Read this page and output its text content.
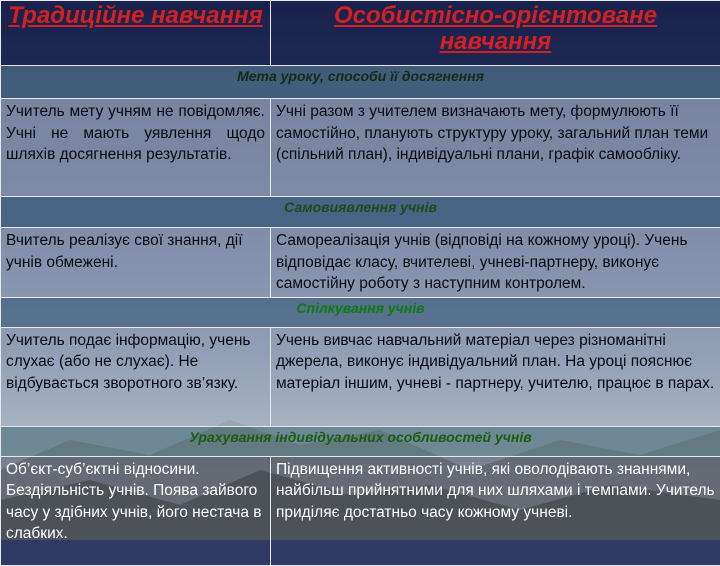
Традиційне навчання	Особистісно-орієнтоване навчання
Мета уроку, способи її досягнення	
Учитель мету учням не повідомляє. Учні не мають уявлення щодо шляхів досягнення результатів.	Учні разом з учителем визначають мету, формулюють її самостійно, планують структуру уроку, загальний план теми (спільний план), індивідуальні плани, графік самообліку.
Самовиявлення учнів	
Вчитель реалізує свої знання, дії учнів обмежені.	Самореалізація учнів (відповіді на кожному уроці). Учень відповідає класу, вчителеві, учневі-партнеру, виконує самостійну роботу з наступним контролем.
Спілкування учнів	
Учитель подає інформацію, учень слухає (або не слухає). Не відбувається зворотного зв’язку.	Учень вивчає навчальний матеріал через різноманітні джерела, виконує індивідуальний план. На уроці пояснює матеріал іншим, учневі - партнеру, учителю, працює в парах.
Урахування індивідуальних особливостей учнів	
Об’єкт-суб’єктні відносини. Бездіяльність учнів. Поява зайвого часу у здібних учнів, його нестача в слабких.	Підвищення активності учнів, які оволодівають знаннями, найбільш прийнятними для них шляхами і темпами. Учитель приділяє достатньо часу кожному учневі.
